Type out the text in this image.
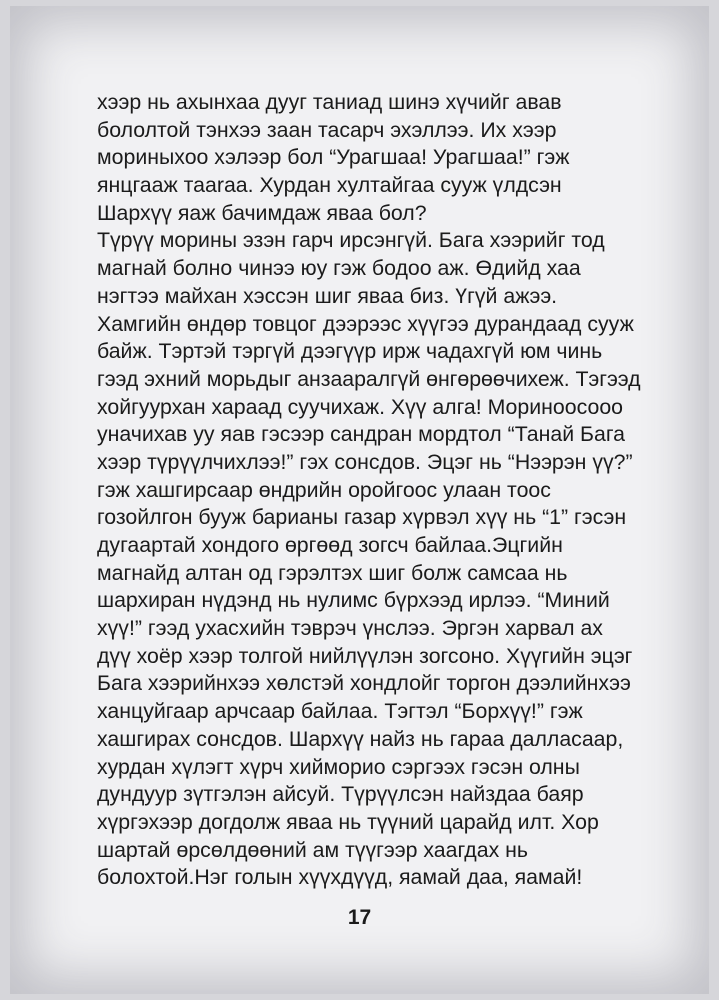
хээр нь ахынхаа дууг таниад шинэ хүчийг авав
бололтой тэнхээ заан тасарч эхэллээ. Их хээр
мориныхоо хэлээр бол “Урагшаа! Урагшаа!” гэж
янцгааж тааraa. Хурдан хултайгаа сууж үлдсэн
Шархүү яаж бачимдаж яваа бол?
Түрүү морины эзэн гарч ирсэнгүй. Бага хээрийг тод
магнай болно чинээ юу гэж бодоо аж. Өдийд хаа
нэгтээ майхан хэссэн шиг яваа биз. Үгүй ажээ.
Хамгийн өндөр товцог дээрээс хүүгээ дурандаад сууж
байж. Тэртэй тэргүй дээгүүр ирж чадахгүй юм чинь
гээд эхний морьдыг анзааралгүй өнгөрөөчихеж. Тэгээд
хойгуурхан хараад суучихаж. Хүү алга! Мориноосооо
уначихав уу яав гэсээр сандран мордтол “Танай Бага
хээр түрүүлчихлээ!” гэх сонсдов. Эцэг нь “Нээрэн үү?”
гэж хашгирсаар өндрийн оройгоос улаан тоос
гозойлгон бууж барианы газар хүрвэл хүү нь “1” гэсэн
дугаартай хондого өргөөд зогсч байлаа.Эцгийн
магнайд алтан од гэрэлтэх шиг болж самсаа нь
шархиран нүдэнд нь нулимс бүрхээд ирлээ. “Миний
хүү!” гээд ухасхийн тэврэч үнслээ. Эргэн харвал ах
дүү хоёр хээр толгой нийлүүлэн зогсоно. Хүүгийн эцэг
Бага хээрийнхээ хөлстэй хондлойг торгон дээлийнхээ
ханцуйгаар арчсаар байлаа. Тэгтэл “Борхүү!” гэж
хашгирах сонсдов. Шархүү найз нь гараа далласаар,
хурдан хүлэгт хүрч хийморио сэргээх гэсэн олны
дундуур зүтгэлэн айсуй. Түрүүлсэн найздаа баяр
хүргэхээр догдолж яваа нь түүний царайд илт. Хор
шартай өрсөлдөөний ам түүгээр хаагдах нь
болохтой.Нэг голын хүүхдүүд, яамай даа, яамай!
17
